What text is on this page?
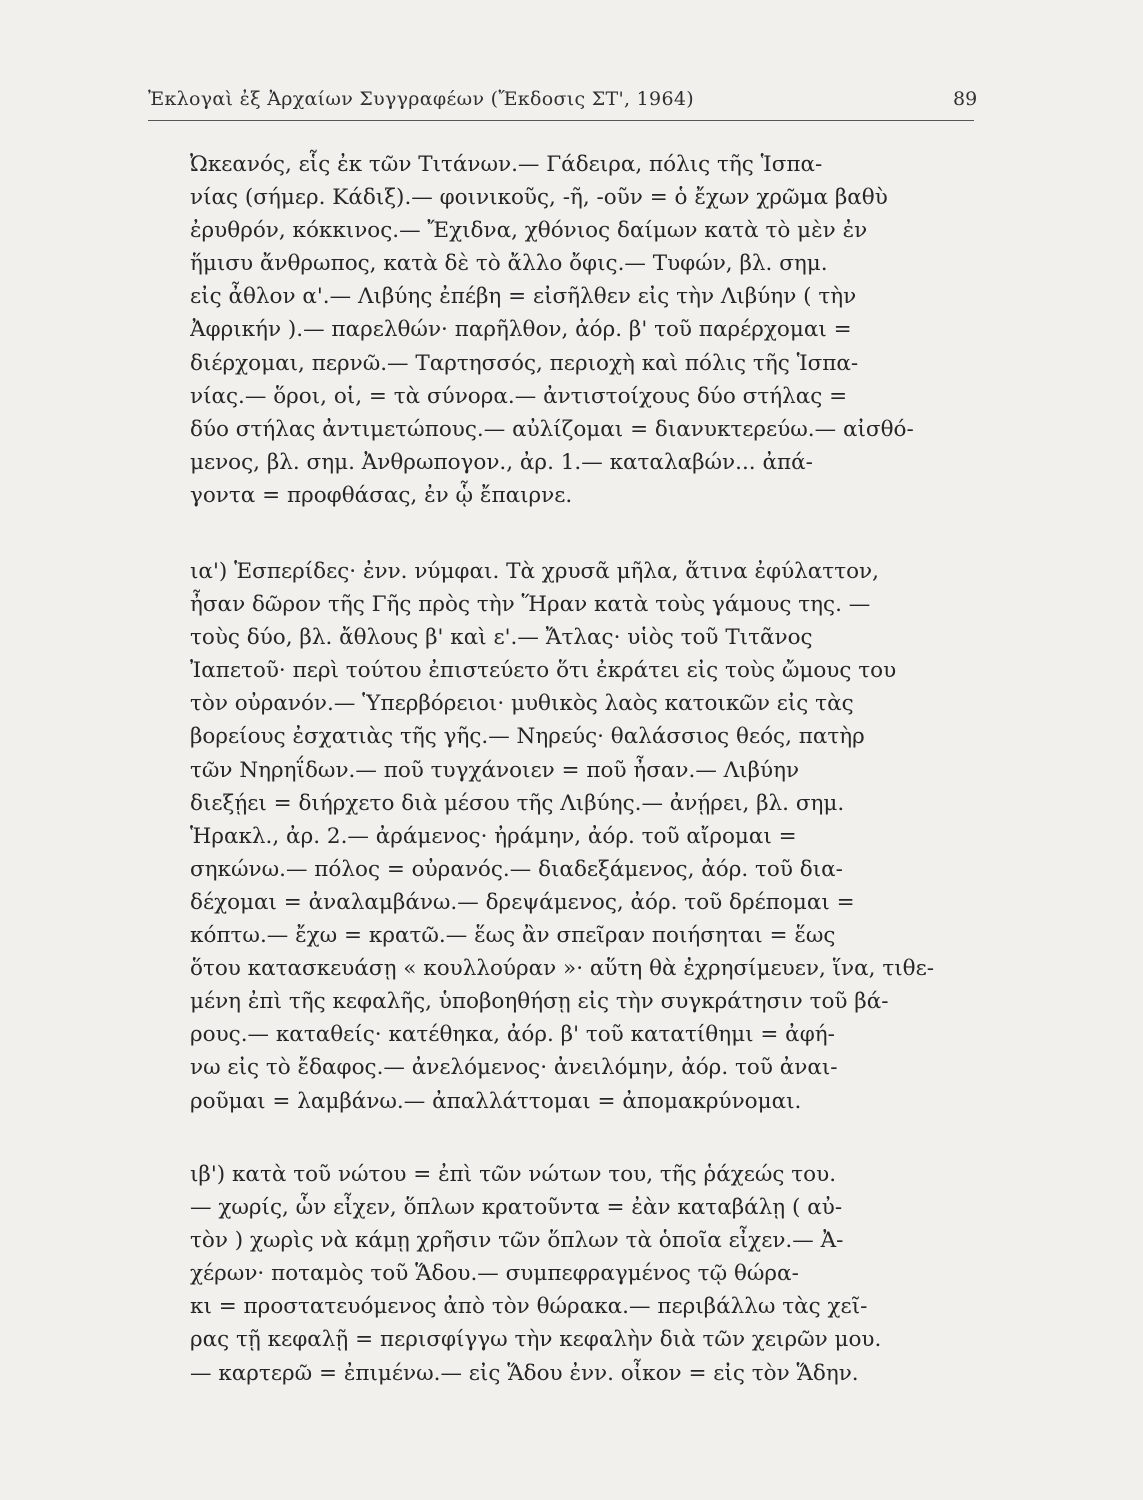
Ἐκλογαὶ ἐξ Ἀρχαίων Συγγραφέων (Ἔκδοσις ΣΤ', 1964)	89
Ὠκεανός, εἷς ἐκ τῶν Τιτάνων.— Γάδειρα, πόλις τῆς Ἱσπα-
νίας (σήμερ. Κάδιξ).— φοινικοῦς, -ῆ, -οῦν = ὁ ἔχων χρῶμα βαθὺ
ἐρυθρόν, κόκκινος.— Ἔχιδνα, χθόνιος δαίμων κατὰ τὸ μὲν ἐν
ἥμισυ ἄνθρωπος, κατὰ δὲ τὸ ἄλλο ὄφις.— Τυφών, βλ. σημ.
εἰς ἆθλον α'.— Λιβύης ἐπέβη = εἰσῆλθεν εἰς τὴν Λιβύην ( τὴν
Ἀφρικήν ).— παρελθών· παρῆλθον, ἀόρ. β' τοῦ παρέρχομαι =
διέρχομαι, περνῶ.— Ταρτησσός, περιοχὴ καὶ πόλις τῆς Ἱσπα-
νίας.— ὅροι, οἱ, = τὰ σύνορα.— ἀντιστοίχους δύο στήλας =
δύο στήλας ἀντιμετώπους.— αὐλίζομαι = διανυκτερεύω.— αἰσθό-
μενος, βλ. σημ. Ἀνθρωπογον., ἀρ. 1.— καταλαβών... ἀπά-
γοντα = προφθάσας, ἐν ᾧ ἔπαιρνε.
ια') Ἑσπερίδες· ἐνν. νύμφαι. Τὰ χρυσᾶ μῆλα, ἅτινα ἐφύλαττον,
ἦσαν δῶρον τῆς Γῆς πρὸς τὴν Ἥραν κατὰ τοὺς γάμους της. —
τοὺς δύο, βλ. ἄθλους β' καὶ ε'.— Ἄτλας· υἱὸς τοῦ Τιτᾶνος
Ἰαπετοῦ· περὶ τούτου ἐπιστεύετο ὅτι ἐκράτει εἰς τοὺς ὤμους του
τὸν οὐρανόν.— Ὑπερβόρειοι· μυθικὸς λαὸς κατοικῶν εἰς τὰς
βορείους ἐσχατιὰς τῆς γῆς.— Νηρεύς· θαλάσσιος θεός, πατὴρ
τῶν Νηρηΐδων.— ποῦ τυγχάνοιεν = ποῦ ἦσαν.— Λιβύην
διεξῄει = διήρχετο διὰ μέσου τῆς Λιβύης.— ἀνῄρει, βλ. σημ.
Ἡρακλ., ἀρ. 2.— ἀράμενος· ἠράμην, ἀόρ. τοῦ αἴρομαι =
σηκώνω.— πόλος = οὐρανός.— διαδεξάμενος, ἀόρ. τοῦ δια-
δέχομαι = ἀναλαμβάνω.— δρεψάμενος, ἀόρ. τοῦ δρέπομαι =
κόπτω.— ἔχω = κρατῶ.— ἕως ἂν σπεῖραν ποιήσηται = ἕως
ὅτου κατασκευάσῃ « κουλλούραν »· αὕτη θὰ ἐχρησίμευεν, ἵνα, τιθε-
μένη ἐπὶ τῆς κεφαλῆς, ὑποβοηθήσῃ εἰς τὴν συγκράτησιν τοῦ βά-
ρους.— καταθείς· κατέθηκα, ἀόρ. β' τοῦ κατατίθημι = ἀφή-
νω εἰς τὸ ἔδαφος.— ἀνελόμενος· ἀνειλόμην, ἀόρ. τοῦ ἀναι-
ροῦμαι = λαμβάνω.— ἀπαλλάττομαι = ἀπομακρύνομαι.
ιβ') κατὰ τοῦ νώτου = ἐπὶ τῶν νώτων του, τῆς ῥάχεώς του.
— χωρίς, ὧν εἶχεν, ὅπλων κρατοῦντα = ἐὰν καταβάλῃ ( αὐ-
τὸν ) χωρὶς νὰ κάμῃ χρῆσιν τῶν ὅπλων τὰ ὁποῖα εἶχεν.— Ἀ-
χέρων· ποταμὸς τοῦ Ἅδου.— συμπεφραγμένος τῷ θώρα-
κι = προστατευόμενος ἀπὸ τὸν θώρακα.— περιβάλλω τὰς χεῖ-
ρας τῇ κεφαλῇ = περισφίγγω τὴν κεφαλὴν διὰ τῶν χειρῶν μου.
— καρτερῶ = ἐπιμένω.— εἰς Ἅδου ἐνν. οἶκον = εἰς τὸν Ἅδην.
